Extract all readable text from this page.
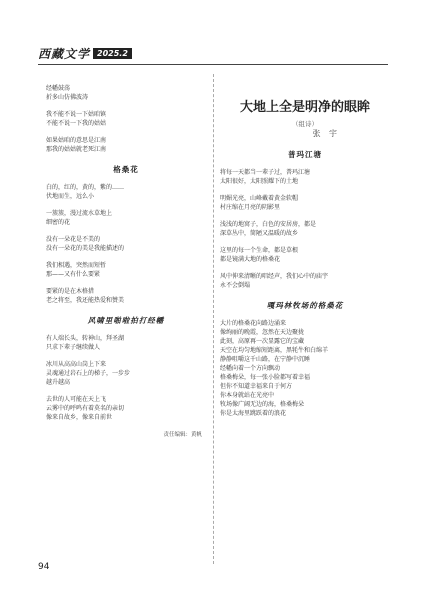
西藏文学 2025.2
经幡鼓荡
折多山仿佛波涛
我不能不说一下姑咱镇
不能不说一下我的姑姑
如果姑咱的意思是江南
那我的姑姑就老死江南
格桑花
白的，红的，黄的，紫的……
伏地而生，远么小
一簇簇，漫过流水草地上
细密的花
没有一朵花是不美的
没有一朵花的美是我能描述的
我们相遇，突然而短暂
那——又有什么要紧
要紧的是在木格措
老之将至，我还能热爱和赞美
风啸里啪啦拍打经幡
有人端长头，转神山，拜圣湖
只求下辈子继续做人
冰川从高高山岗上下来
灵魂通过岩石上的梯子，一步步
越升越高
去世的人可能在天上飞
云雾中的呼鸣有着莫名的亲切
像来自故乡，像来自前世
责任编辑：黄帆
大地上全是明净的眼眸
（组诗）
张 宇
普玛江塘
将每一天都当一辈子过，普玛江塘
太阳很好，太阳照耀下的土地
明媚光亮，山峰戴着黄金软帽
村庄缩在月亮的阴影里
浅浅的地窝子，白色的安居房，都是
深草丛中，简陋又温暖的故乡
这里的每一个生命，都是草根
都是镜满大地的格桑花
风中伸来清晰的唱经声，我们心中的庙宇
永不会倒塌
嘎玛林牧场的格桑花
大片的格桑花向路边涌来
像绚丽的晚霞，忽然在天边聚拢
此刻，高原再一次显露它的宝藏
天空在均匀地缩短距离，黑牦牛和白绵羊
静静咀嚼这千山路，在宁静中沉睡
经幡向着一个方向飘动
格桑梅朵，每一张小脸都写着幸福
但你不知道幸福来自于何方
你本身就站在光亮中
牧场像广阔无边的海，格桑梅朵
你是太海里跳跃着的浪花
94
